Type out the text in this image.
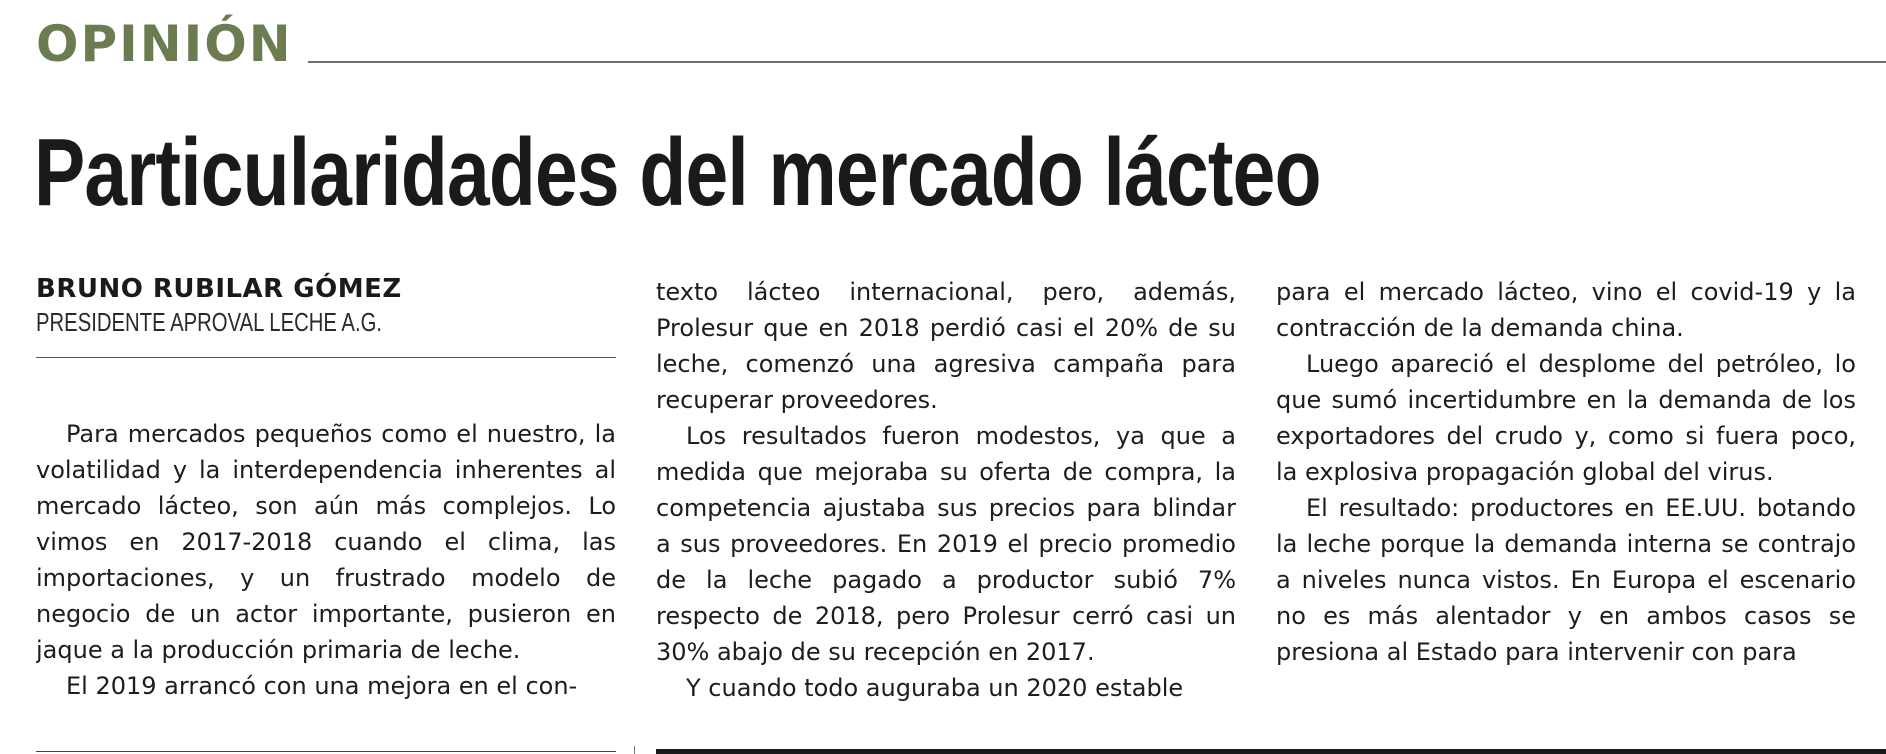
OPINIÓN
Particularidades del mercado lácteo
BRUNO RUBILAR GÓMEZ
PRESIDENTE APROVAL LECHE A.G.

Para mercados pequeños como el nuestro, la volatilidad y la interdependencia inherentes al mercado lácteo, son aún más complejos. Lo vimos en 2017-2018 cuando el clima, las importaciones, y un frustrado modelo de negocio de un actor importante, pusieron en jaque a la producción primaria de leche.

El 2019 arrancó con una mejora en el con-

texto lácteo internacional, pero, además, Prolesur que en 2018 perdió casi el 20% de su leche, comenzó una agresiva campaña para recuperar proveedores.

Los resultados fueron modestos, ya que a medida que mejoraba su oferta de compra, la competencia ajustaba sus precios para blindar a sus proveedores. En 2019 el precio promedio de la leche pagado a productor subió 7% respecto de 2018, pero Prolesur cerró casi un 30% abajo de su recepción en 2017.

Y cuando todo auguraba un 2020 estable

para el mercado lácteo, vino el covid-19 y la contracción de la demanda china.

Luego apareció el desplome del petróleo, lo que sumó incertidumbre en la demanda de los exportadores del crudo y, como si fuera poco, la explosiva propagación global del virus.

El resultado: productores en EE.UU. botando la leche porque la demanda interna se contrajo a niveles nunca vistos. En Europa el escenario no es más alentador y en ambos casos se presiona al Estado para intervenir con para
